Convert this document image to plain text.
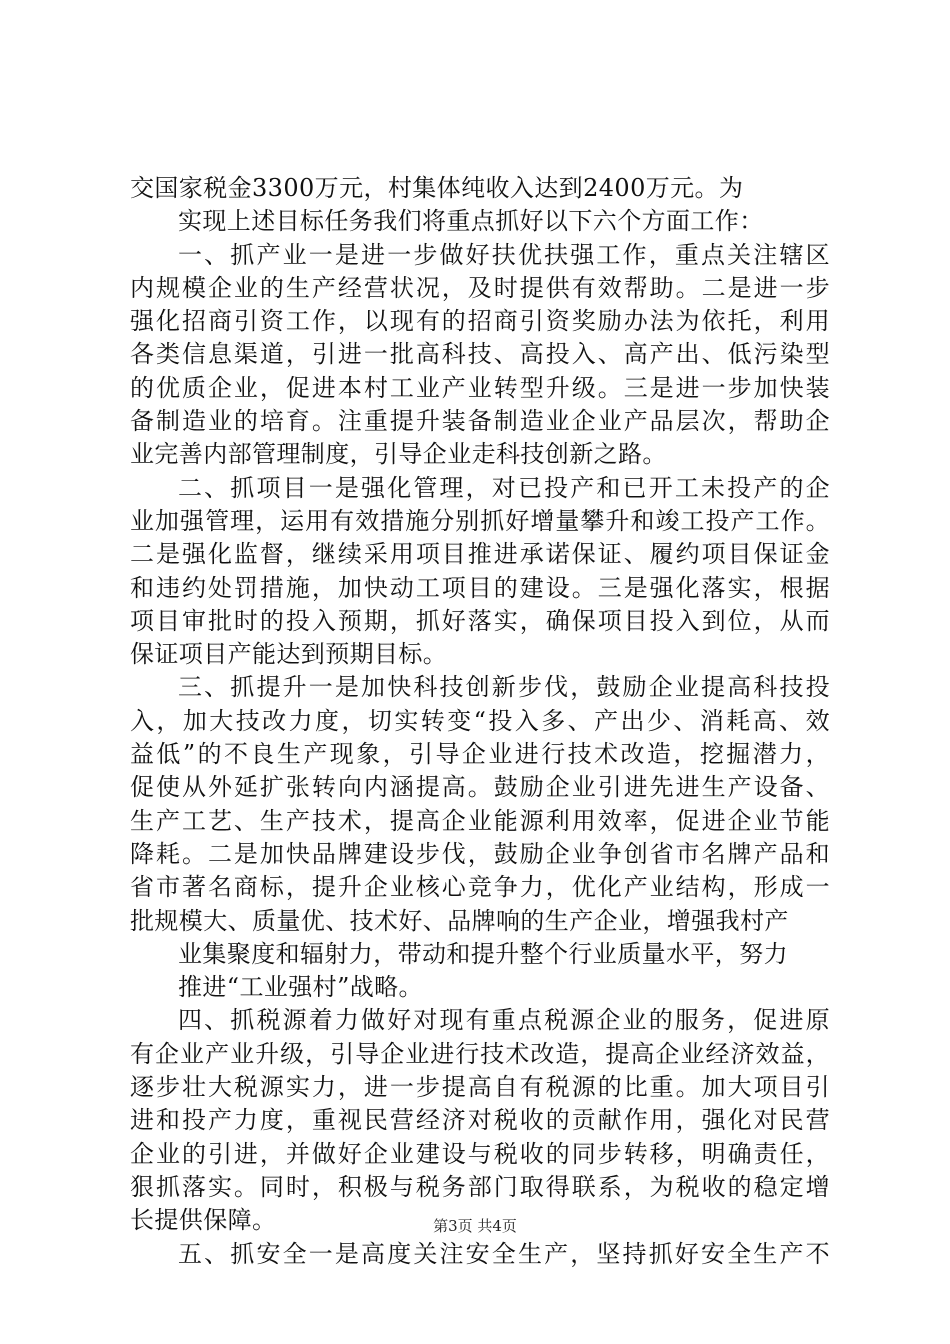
交国家税金3300万元，村集体纯收入达到2400万元。为
实现上述目标任务我们将重点抓好以下六个方面工作：
一、抓产业一是进一步做好扶优扶强工作，重点关注辖区
内规模企业的生产经营状况，及时提供有效帮助。二是进一步
强化招商引资工作，以现有的招商引资奖励办法为依托，利用
各类信息渠道，引进一批高科技、高投入、高产出、低污染型
的优质企业，促进本村工业产业转型升级。三是进一步加快装
备制造业的培育。注重提升装备制造业企业产品层次，帮助企
业完善内部管理制度，引导企业走科技创新之路。
二、抓项目一是强化管理，对已投产和已开工未投产的企
业加强管理，运用有效措施分别抓好增量攀升和竣工投产工作。
二是强化监督，继续采用项目推进承诺保证、履约项目保证金
和违约处罚措施，加快动工项目的建设。三是强化落实，根据
项目审批时的投入预期，抓好落实，确保项目投入到位，从而
保证项目产能达到预期目标。
三、抓提升一是加快科技创新步伐，鼓励企业提高科技投
入，加大技改力度，切实转变“投入多、产出少、消耗高、效
益低”的不良生产现象，引导企业进行技术改造，挖掘潜力，
促使从外延扩张转向内涵提高。鼓励企业引进先进生产设备、
生产工艺、生产技术，提高企业能源利用效率，促进企业节能
降耗。二是加快品牌建设步伐，鼓励企业争创省市名牌产品和
省市著名商标，提升企业核心竞争力，优化产业结构，形成一
批规模大、质量优、技术好、品牌响的生产企业，增强我村产
业集聚度和辐射力，带动和提升整个行业质量水平，努力
推进“工业强村”战略。
四、抓税源着力做好对现有重点税源企业的服务，促进原
有企业产业升级，引导企业进行技术改造，提高企业经济效益，
逐步壮大税源实力，进一步提高自有税源的比重。加大项目引
进和投产力度，重视民营经济对税收的贡献作用，强化对民营
企业的引进，并做好企业建设与税收的同步转移，明确责任，
狠抓落实。同时，积极与税务部门取得联系，为税收的稳定增
长提供保障。
五、抓安全一是高度关注安全生产，坚持抓好安全生产不
第3页 共4页
